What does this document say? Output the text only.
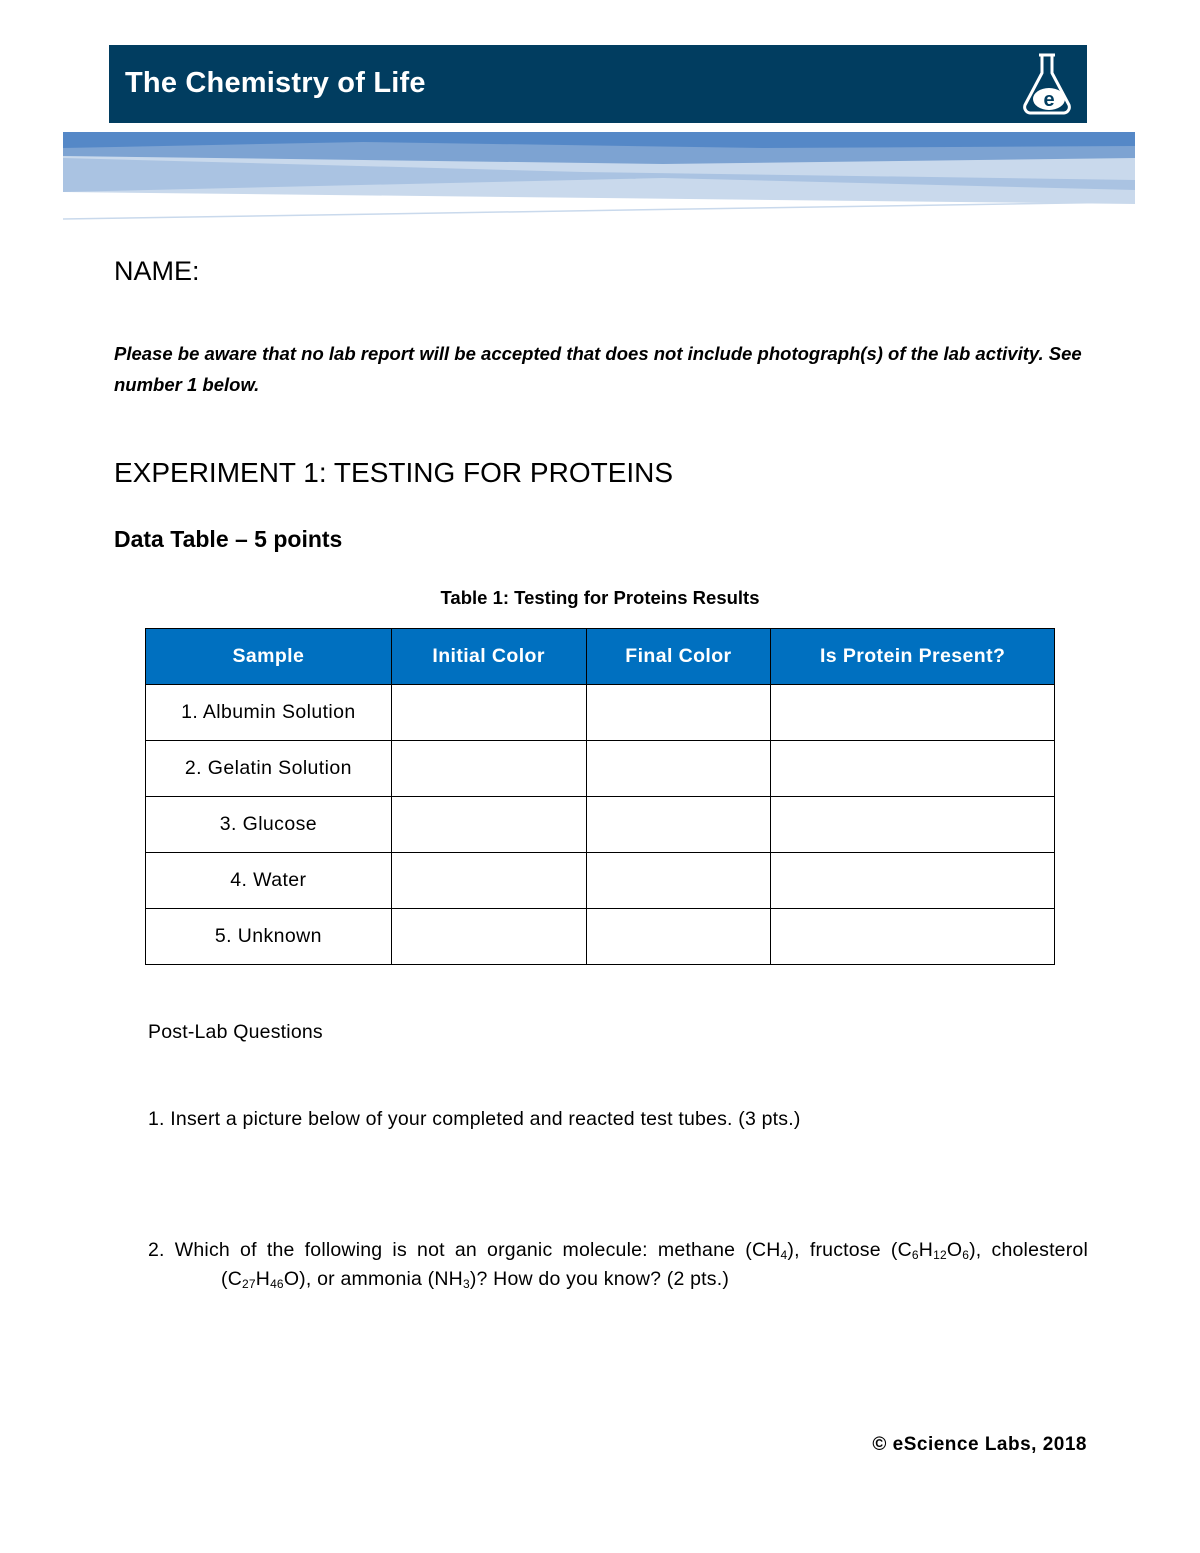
The Chemistry of Life
e
NAME:
Please be aware that no lab report will be accepted that does not include photograph(s) of the lab activity. See number 1 below.
EXPERIMENT 1: TESTING FOR PROTEINS
Data Table – 5 points
Table 1: Testing for Proteins Results
Sample	Initial Color	Final Color	Is Protein Present?
1. Albumin Solution			
2. Gelatin Solution			
3. Glucose			
4. Water			
5. Unknown			
Post-Lab Questions
1. Insert a picture below of your completed and reacted test tubes. (3 pts.)
2. Which of the following is not an organic molecule: methane $(CH_4)$, fructose $(C_6H_{12}O_6)$, cholesterol              $(C_{27}H_{46}O)$, or ammonia $(NH_3)$? How do you know? (2 pts.)
© eScience Labs, 2018
